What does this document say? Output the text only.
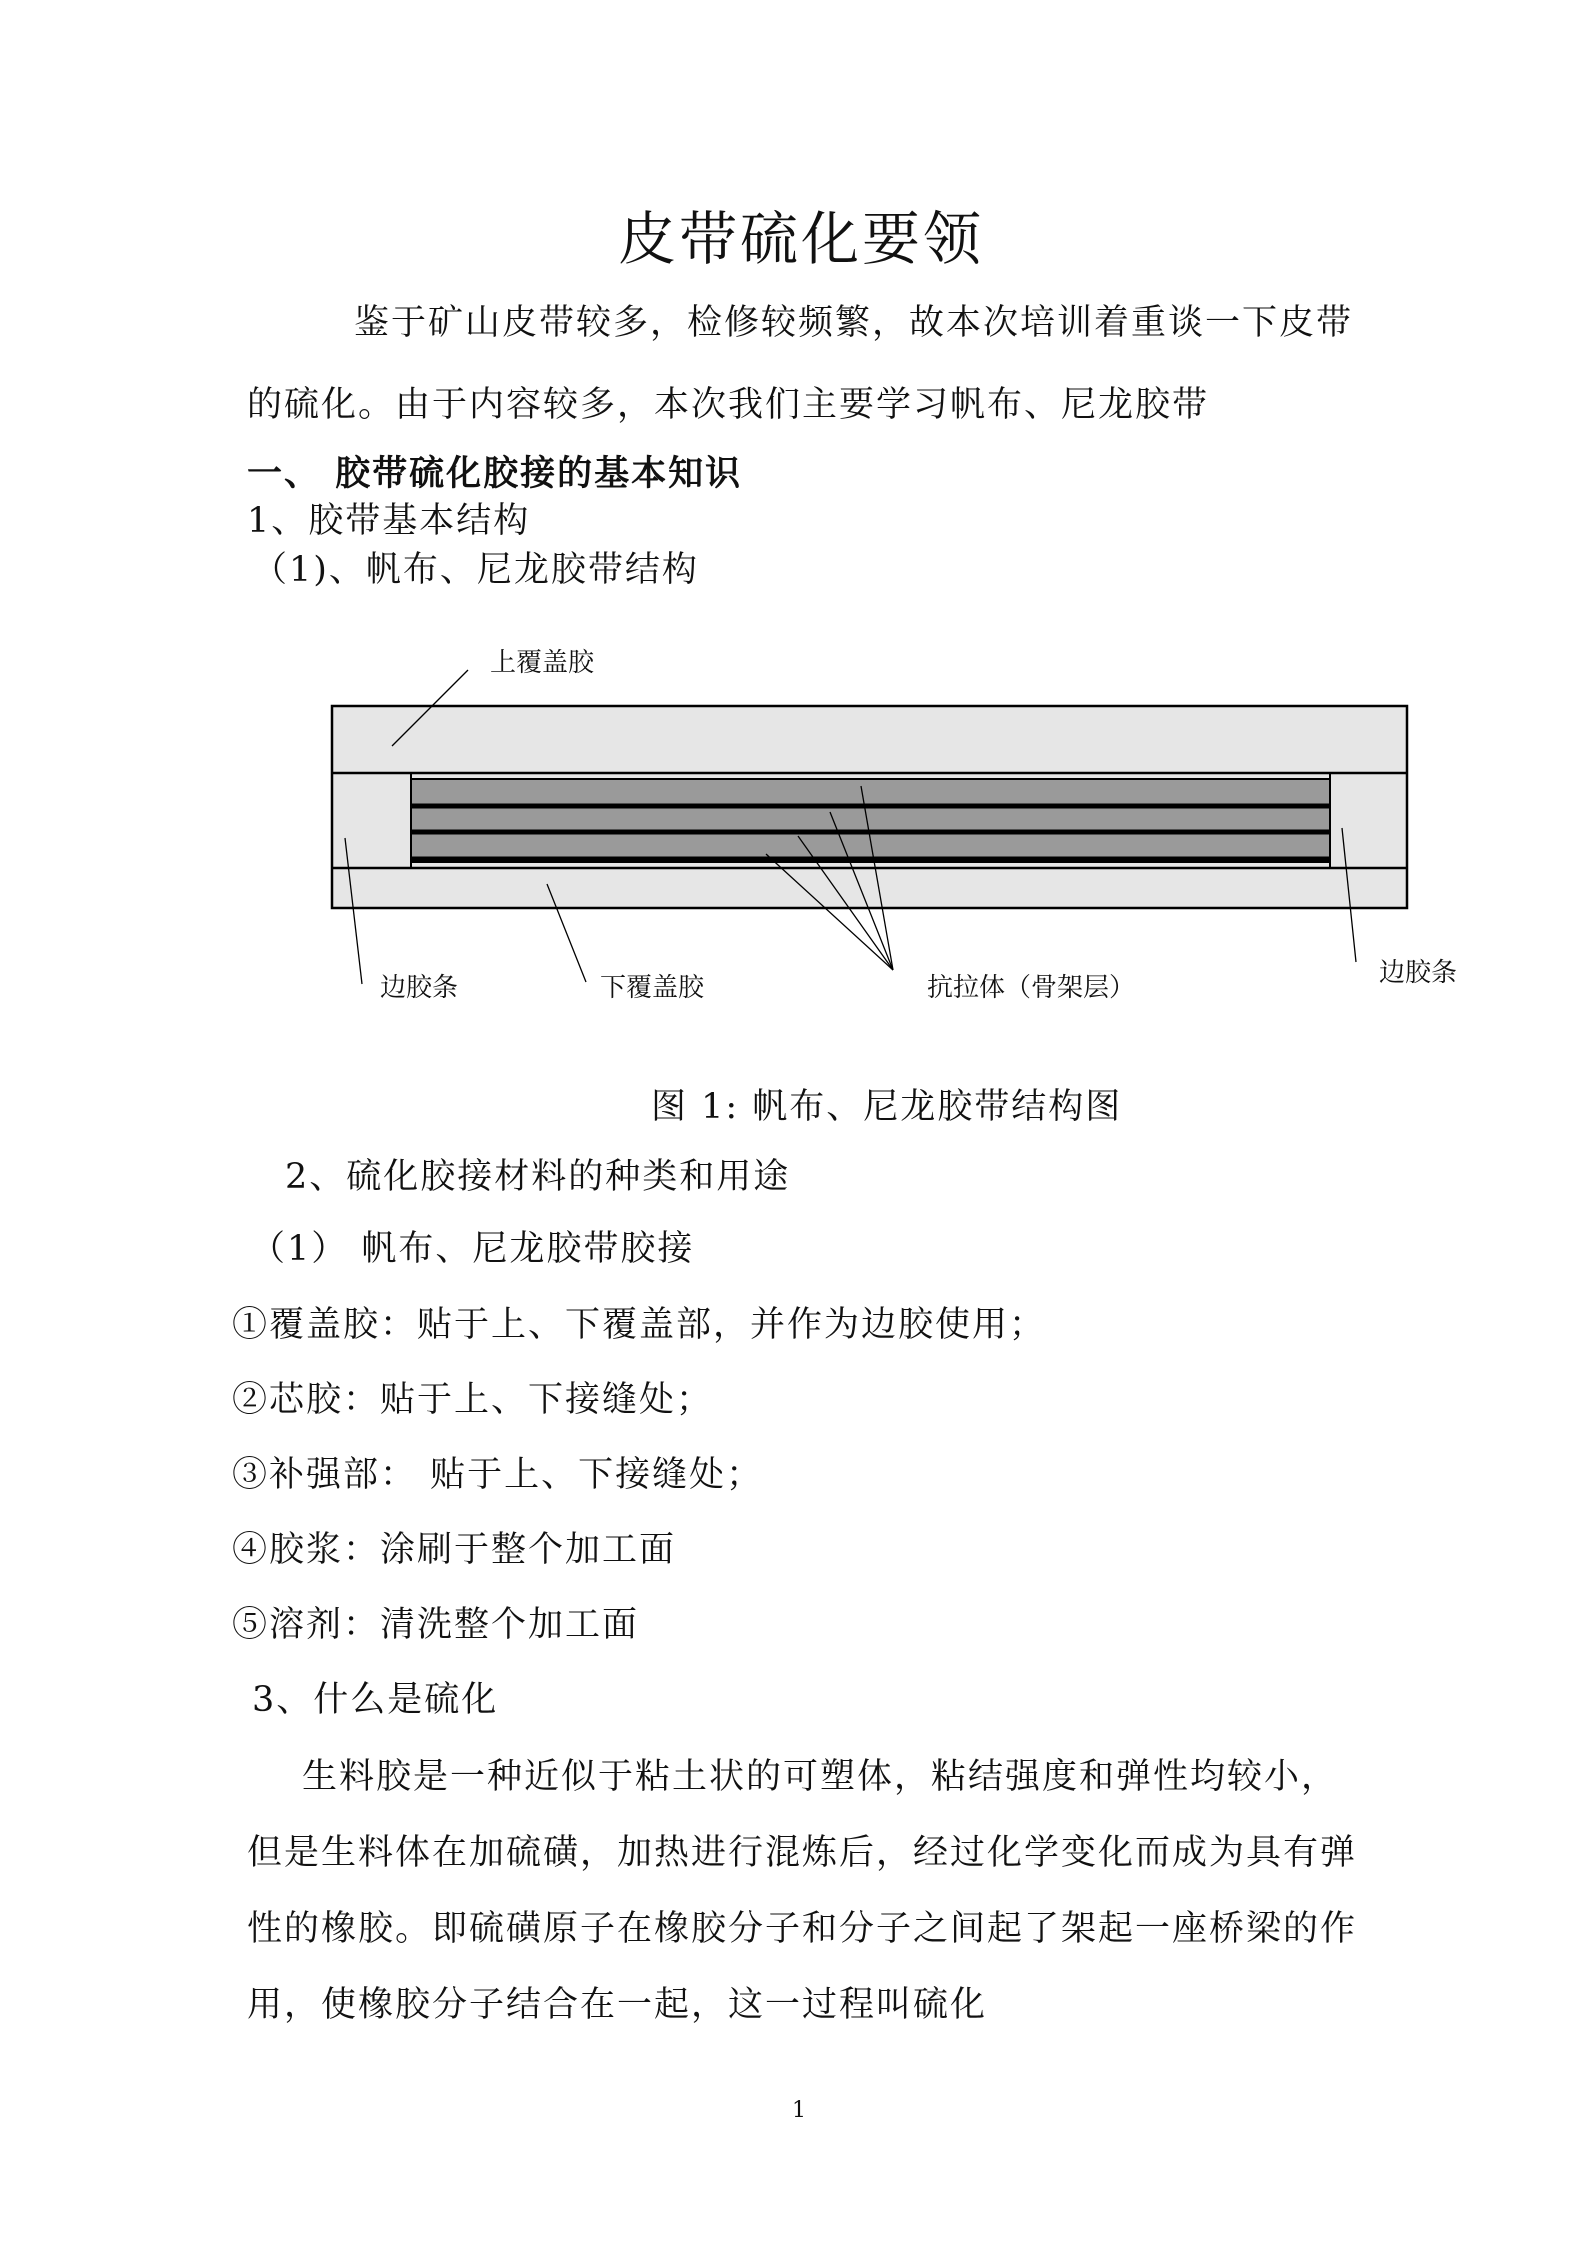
皮带硫化要领
鉴于矿山皮带较多，检修较频繁，故本次培训着重谈一下皮带
的硫化。由于内容较多，本次我们主要学习帆布、尼龙胶带
一、 胶带硫化胶接的基本知识
1、胶带基本结构
（1)、帆布、尼龙胶带结构
上覆盖胶
边胶条	下覆盖胶	抗拉体（骨架层）	边胶条
图 1: 帆布、尼龙胶带结构图
2、硫化胶接材料的种类和用途
（1） 帆布、尼龙胶带胶接
①覆盖胶：贴于上、下覆盖部，并作为边胶使用；
②芯胶：贴于上、下接缝处；
③补强部： 贴于上、下接缝处；
④胶浆：涂刷于整个加工面
⑤溶剂：清洗整个加工面
3、什么是硫化
生料胶是一种近似于粘土状的可塑体，粘结强度和弹性均较小，
但是生料体在加硫磺，加热进行混炼后，经过化学变化而成为具有弹
性的橡胶。即硫磺原子在橡胶分子和分子之间起了架起一座桥梁的作
用，使橡胶分子结合在一起，这一过程叫硫化
1
